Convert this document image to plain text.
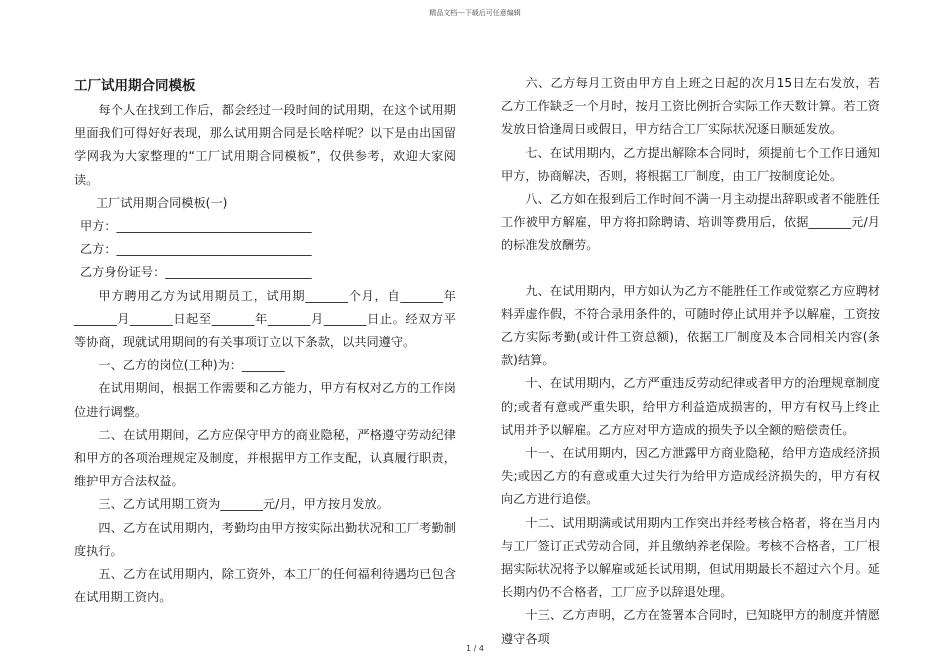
精品文档---下载后可任意编辑
工厂试用期合同模板

每个人在找到工作后，都会经过一段时间的试用期，在这个试用期里面我们可得好好表现，那么试用期合同是长啥样呢？以下是由出国留学网我为大家整理的“工厂试用期合同模板”，仅供参考，欢迎大家阅读。

工厂试用期合同模板(一)

甲方：________________________________

乙方：________________________________

乙方身份证号：________________________

甲方聘用乙方为试用期员工，试用期_______个月，自_______年_______月_______日起至_______年_______月_______日止。经双方平等协商，现就试用期间的有关事项订立以下条款，以共同遵守。

一、乙方的岗位(工种)为：_______

在试用期间，根据工作需要和乙方能力，甲方有权对乙方的工作岗位进行调整。

二、在试用期间，乙方应保守甲方的商业隐秘，严格遵守劳动纪律和甲方的各项治理规定及制度，并根据甲方工作支配，认真履行职责，维护甲方合法权益。

三、乙方试用期工资为_______元/月，甲方按月发放。

四、乙方在试用期内，考勤均由甲方按实际出勤状况和工厂考勤制度执行。

五、乙方在试用期内，除工资外，本工厂的任何福利待遇均已包含在试用期工资内。

六、乙方每月工资由甲方自上班之日起的次月15日左右发放，若乙方工作缺乏一个月时，按月工资比例折合实际工作天数计算。若工资发放日恰逢周日或假日，甲方结合工厂实际状况逐日顺延发放。

七、在试用期内，乙方提出解除本合同时，须提前七个工作日通知甲方，协商解决，否则，将根据工厂制度，由工厂按制度论处。

八、乙方如在报到后工作时间不满一月主动提出辞职或者不能胜任工作被甲方解雇，甲方将扣除聘请、培训等费用后，依据_______元/月的标准发放酬劳。

九、在试用期内，甲方如认为乙方不能胜任工作或觉察乙方应聘材料弄虚作假，不符合录用条件的，可随时停止试用并予以解雇，工资按乙方实际考勤(或计件工资总额)，依据工厂制度及本合同相关内容(条款)结算。

十、在试用期内，乙方严重违反劳动纪律或者甲方的治理规章制度的;或者有意或严重失职，给甲方利益造成损害的，甲方有权马上终止试用并予以解雇。乙方应对甲方造成的损失予以全额的赔偿责任。

十一、在试用期内，因乙方泄露甲方商业隐秘，给甲方造成经济损失;或因乙方的有意或重大过失行为给甲方造成经济损失的，甲方有权向乙方进行追偿。

十二、试用期满或试用期内工作突出并经考核合格者，将在当月内与工厂签订正式劳动合同，并且缴纳养老保险。考核不合格者，工厂根据实际状况将予以解雇或延长试用期，但试用期最长不超过六个月。延长期内仍不合格者，工厂应予以辞退处理。

十三、乙方声明，乙方在签署本合同时，已知晓甲方的制度并情愿遵守各项

1 / 4
